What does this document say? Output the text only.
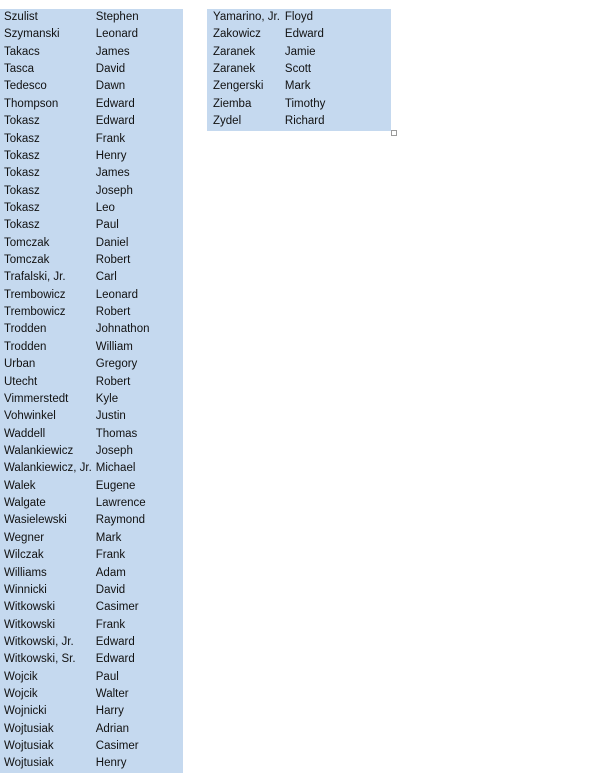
Szulist	Stephen
Szymanski	Leonard
Takacs	James
Tasca	David
Tedesco	Dawn
Thompson	Edward
Tokasz	Edward
Tokasz	Frank
Tokasz	Henry
Tokasz	James
Tokasz	Joseph
Tokasz	Leo
Tokasz	Paul
Tomczak	Daniel
Tomczak	Robert
Trafalski, Jr.	Carl
Trembowicz	Leonard
Trembowicz	Robert
Trodden	Johnathon
Trodden	William
Urban	Gregory
Utecht	Robert
Vimmerstedt	Kyle
Vohwinkel	Justin
Waddell	Thomas
Walankiewicz	Joseph
Walankiewicz, Jr.	Michael
Walek	Eugene
Walgate	Lawrence
Wasielewski	Raymond
Wegner	Mark
Wilczak	Frank
Williams	Adam
Winnicki	David
Witkowski	Casimer
Witkowski	Frank
Witkowski, Jr.	Edward
Witkowski, Sr.	Edward
Wojcik	Paul
Wojcik	Walter
Wojnicki	Harry
Wojtusiak	Adrian
Wojtusiak	Casimer
Wojtusiak	Henry
Yamarino, Jr.	Floyd
Zakowicz	Edward
Zaranek	Jamie
Zaranek	Scott
Zengerski	Mark
Ziemba	Timothy
Zydel	Richard
